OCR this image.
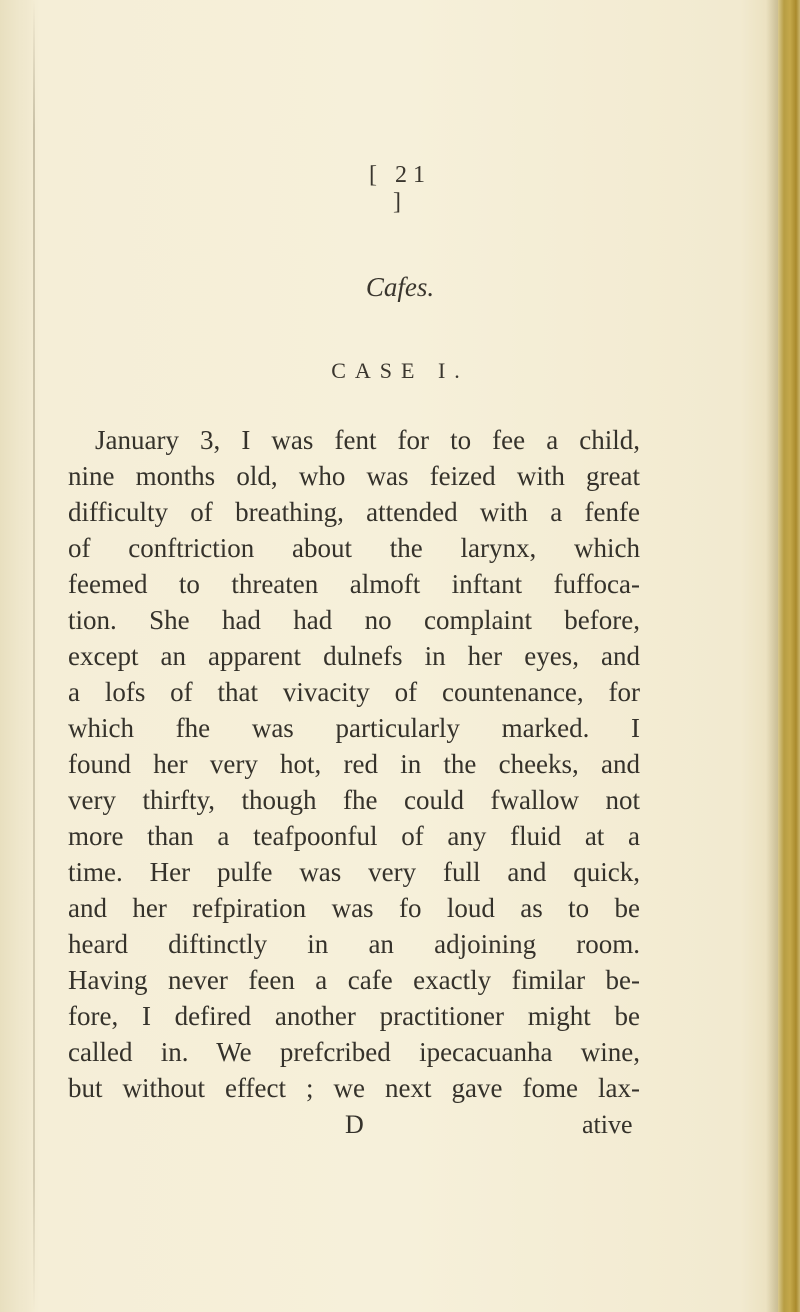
[ 21 ]
Cafes.
CASE I.
January 3, I was fent for to fee a child,
nine months old, who was feized with great
difficulty of breathing, attended with a fenfe
of conftriction about the larynx, which
feemed to threaten almoft inftant fuffoca-
tion. She had had no complaint before,
except an apparent dulnefs in her eyes, and
a lofs of that vivacity of countenance, for
which fhe was particularly marked. I
found her very hot, red in the cheeks, and
very thirfty, though fhe could fwallow not
more than a teafpoonful of any fluid at a
time. Her pulfe was very full and quick,
and her refpiration was fo loud as to be
heard diftinctly in an adjoining room.
Having never feen a cafe exactly fimilar be-
fore, I defired another practitioner might be
called in. We prefcribed ipecacuanha wine,
but without effect ; we next gave fome lax-
D	ative
